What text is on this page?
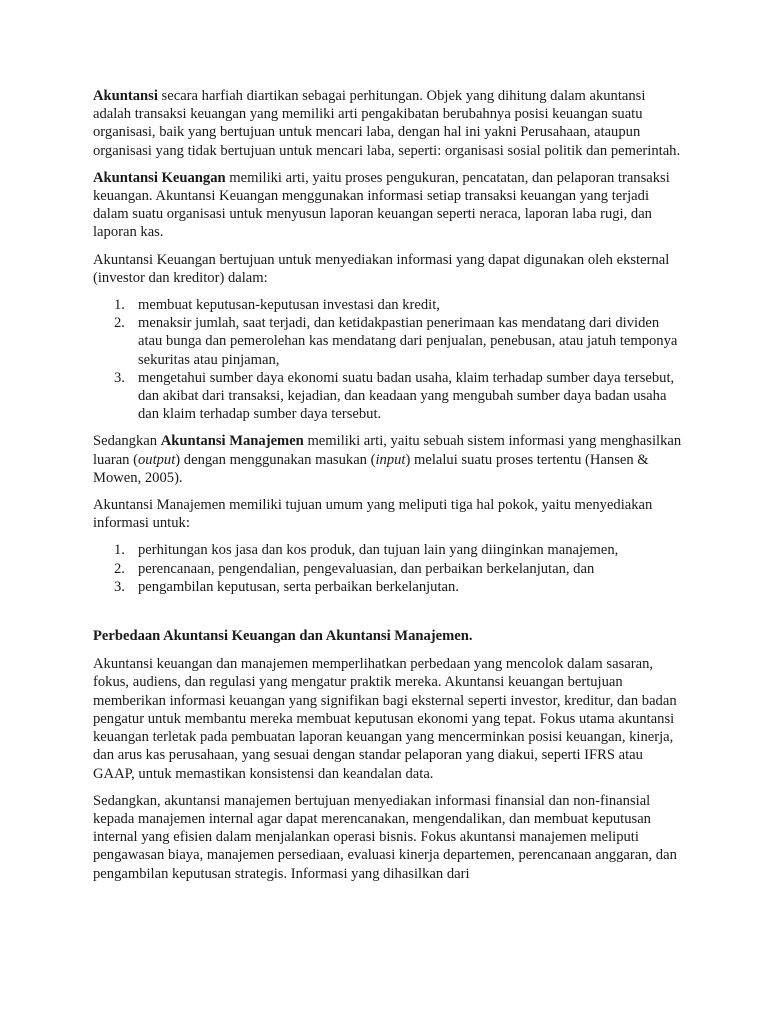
Akuntansi secara harfiah diartikan sebagai perhitungan. Objek yang dihitung dalam akuntansi adalah transaksi keuangan yang memiliki arti pengakibatan berubahnya posisi keuangan suatu organisasi, baik yang bertujuan untuk mencari laba, dengan hal ini yakni Perusahaan, ataupun organisasi yang tidak bertujuan untuk mencari laba, seperti: organisasi sosial politik dan pemerintah.

Akuntansi Keuangan memiliki arti, yaitu proses pengukuran, pencatatan, dan pelaporan transaksi keuangan. Akuntansi Keuangan menggunakan informasi setiap transaksi keuangan yang terjadi dalam suatu organisasi untuk menyusun laporan keuangan seperti neraca, laporan laba rugi, dan laporan kas.

Akuntansi Keuangan bertujuan untuk menyediakan informasi yang dapat digunakan oleh eksternal (investor dan kreditor) dalam:

1. membuat keputusan-keputusan investasi dan kredit,
2. menaksir jumlah, saat terjadi, dan ketidakpastian penerimaan kas mendatang dari dividen atau bunga dan pemerolehan kas mendatang dari penjualan, penebusan, atau jatuh temponya sekuritas atau pinjaman,
3. mengetahui sumber daya ekonomi suatu badan usaha, klaim terhadap sumber daya tersebut, dan akibat dari transaksi, kejadian, dan keadaan yang mengubah sumber daya badan usaha dan klaim terhadap sumber daya tersebut.

Sedangkan Akuntansi Manajemen memiliki arti, yaitu sebuah sistem informasi yang menghasilkan luaran (output) dengan menggunakan masukan (input) melalui suatu proses tertentu (Hansen & Mowen, 2005).

Akuntansi Manajemen memiliki tujuan umum yang meliputi tiga hal pokok, yaitu menyediakan informasi untuk:

1. perhitungan kos jasa dan kos produk, dan tujuan lain yang diinginkan manajemen,
2. perencanaan, pengendalian, pengevaluasian, dan perbaikan berkelanjutan, dan
3. pengambilan keputusan, serta perbaikan berkelanjutan.

Perbedaan Akuntansi Keuangan dan Akuntansi Manajemen.

Akuntansi keuangan dan manajemen memperlihatkan perbedaan yang mencolok dalam sasaran, fokus, audiens, dan regulasi yang mengatur praktik mereka. Akuntansi keuangan bertujuan memberikan informasi keuangan yang signifikan bagi eksternal seperti investor, kreditur, dan badan pengatur untuk membantu mereka membuat keputusan ekonomi yang tepat. Fokus utama akuntansi keuangan terletak pada pembuatan laporan keuangan yang mencerminkan posisi keuangan, kinerja, dan arus kas perusahaan, yang sesuai dengan standar pelaporan yang diakui, seperti IFRS atau GAAP, untuk memastikan konsistensi dan keandalan data.

Sedangkan, akuntansi manajemen bertujuan menyediakan informasi finansial dan non-finansial kepada manajemen internal agar dapat merencanakan, mengendalikan, dan membuat keputusan internal yang efisien dalam menjalankan operasi bisnis. Fokus akuntansi manajemen meliputi pengawasan biaya, manajemen persediaan, evaluasi kinerja departemen, perencanaan anggaran, dan pengambilan keputusan strategis. Informasi yang dihasilkan dari
